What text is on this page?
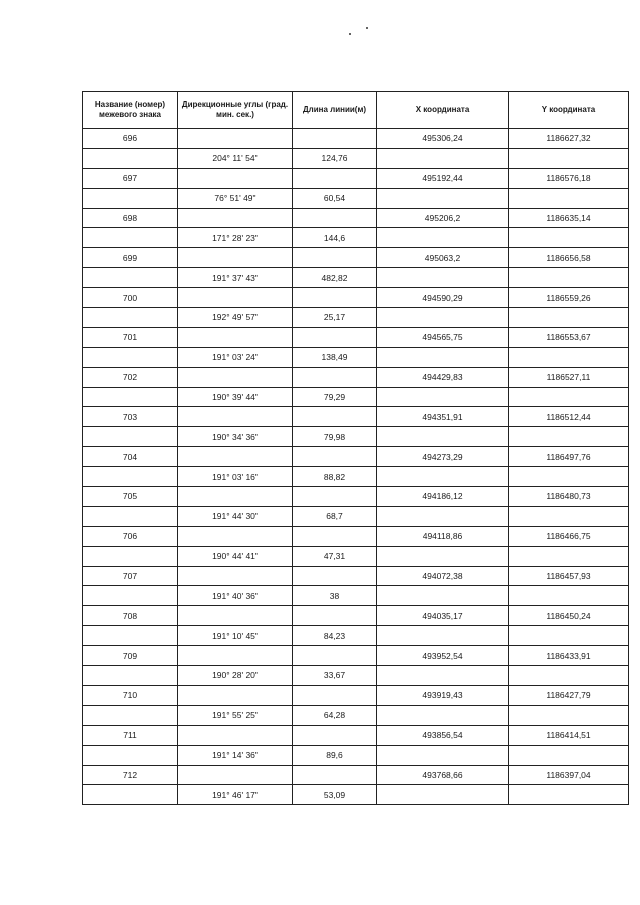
Название (номер) межевого знака	Дирекционные углы (град. мин. сек.)	Длина линии(м)	X координата	Y координата
696			495306,24	1186627,32
	204° 11' 54"	124,76		
697			495192,44	1186576,18
	76° 51' 49"	60,54		
698			495206,2	1186635,14
	171° 28' 23"	144,6		
699			495063,2	1186656,58
	191° 37' 43"	482,82		
700			494590,29	1186559,26
	192° 49' 57"	25,17		
701			494565,75	1186553,67
	191° 03' 24"	138,49		
702			494429,83	1186527,11
	190° 39' 44"	79,29		
703			494351,91	1186512,44
	190° 34' 36"	79,98		
704			494273,29	1186497,76
	191° 03' 16"	88,82		
705			494186,12	1186480,73
	191° 44' 30"	68,7		
706			494118,86	1186466,75
	190° 44' 41"	47,31		
707			494072,38	1186457,93
	191° 40' 36"	38		
708			494035,17	1186450,24
	191° 10' 45"	84,23		
709			493952,54	1186433,91
	190° 28' 20"	33,67		
710			493919,43	1186427,79
	191° 55' 25"	64,28		
711			493856,54	1186414,51
	191° 14' 36"	89,6		
712			493768,66	1186397,04
	191° 46' 17"	53,09		
